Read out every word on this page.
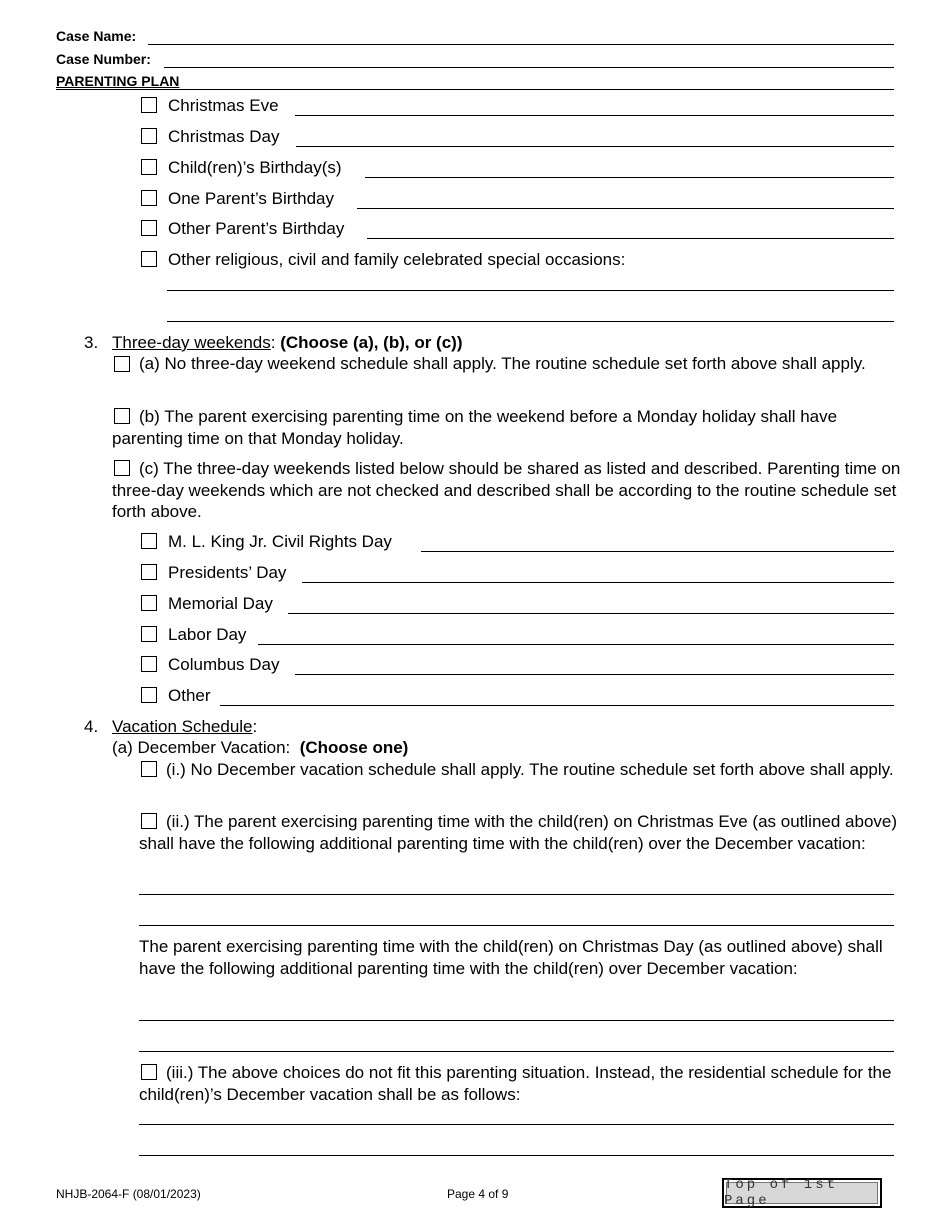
Case Name:
Case Number:
PARENTING PLAN
Christmas Eve
Christmas Day
Child(ren)’s Birthday(s)
One Parent’s Birthday
Other Parent’s Birthday
Other religious, civil and family celebrated special occasions:
3. Three-day weekends: (Choose (a), (b), or (c))
(a) No three-day weekend schedule shall apply. The routine schedule set forth above shall apply.
(b) The parent exercising parenting time on the weekend before a Monday holiday shall have parenting time on that Monday holiday.
(c) The three-day weekends listed below should be shared as listed and described. Parenting time on three-day weekends which are not checked and described shall be according to the routine schedule set forth above.
M. L. King Jr. Civil Rights Day
Presidents’ Day
Memorial Day
Labor Day
Columbus Day
Other
4. Vacation Schedule:
(a) December Vacation: (Choose one)
(i.) No December vacation schedule shall apply. The routine schedule set forth above shall apply.
(ii.) The parent exercising parenting time with the child(ren) on Christmas Eve (as outlined above) shall have the following additional parenting time with the child(ren) over the December vacation:
The parent exercising parenting time with the child(ren) on Christmas Day (as outlined above) shall have the following additional parenting time with the child(ren) over December vacation:
(iii.) The above choices do not fit this parenting situation. Instead, the residential schedule for the child(ren)’s December vacation shall be as follows:
NHJB-2064-F (08/01/2023)	Page 4 of 9
Top of 1st Page
